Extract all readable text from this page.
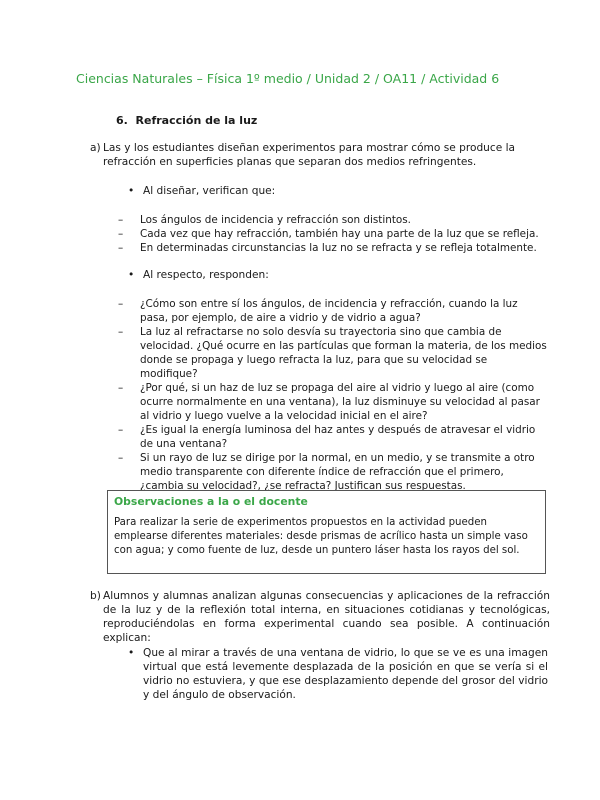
Ciencias Naturales – Física 1º medio / Unidad 2 / OA11 / Actividad 6
6. Refracción de la luz
a) Las y los estudiantes diseñan experimentos para mostrar cómo se produce la refracción en superficies planas que separan dos medios refringentes.
• Al diseñar, verifican que:
– Los ángulos de incidencia y refracción son distintos.
– Cada vez que hay refracción, también hay una parte de la luz que se refleja.
– En determinadas circunstancias la luz no se refracta y se refleja totalmente.
• Al respecto, responden:
– ¿Cómo son entre sí los ángulos, de incidencia y refracción, cuando la luz pasa, por ejemplo, de aire a vidrio y de vidrio a agua?
– La luz al refractarse no solo desvía su trayectoria sino que cambia de velocidad. ¿Qué ocurre en las partículas que forman la materia, de los medios donde se propaga y luego refracta la luz, para que su velocidad se modifique?
– ¿Por qué, si un haz de luz se propaga del aire al vidrio y luego al aire (como ocurre normalmente en una ventana), la luz disminuye su velocidad al pasar al vidrio y luego vuelve a la velocidad inicial en el aire?
– ¿Es igual la energía luminosa del haz antes y después de atravesar el vidrio de una ventana?
– Si un rayo de luz se dirige por la normal, en un medio, y se transmite a otro medio transparente con diferente índice de refracción que el primero, ¿cambia su velocidad?, ¿se refracta? Justifican sus respuestas.
Observaciones a la o el docente
Para realizar la serie de experimentos propuestos en la actividad pueden emplearse diferentes materiales: desde prismas de acrílico hasta un simple vaso con agua; y como fuente de luz, desde un puntero láser hasta los rayos del sol.
b) Alumnos y alumnas analizan algunas consecuencias y aplicaciones de la refracción de la luz y de la reflexión total interna, en situaciones cotidianas y tecnológicas, reproduciéndolas en forma experimental cuando sea posible. A continuación explican:
• Que al mirar a través de una ventana de vidrio, lo que se ve es una imagen virtual que está levemente desplazada de la posición en que se vería si el vidrio no estuviera, y que ese desplazamiento depende del grosor del vidrio y del ángulo de observación.
